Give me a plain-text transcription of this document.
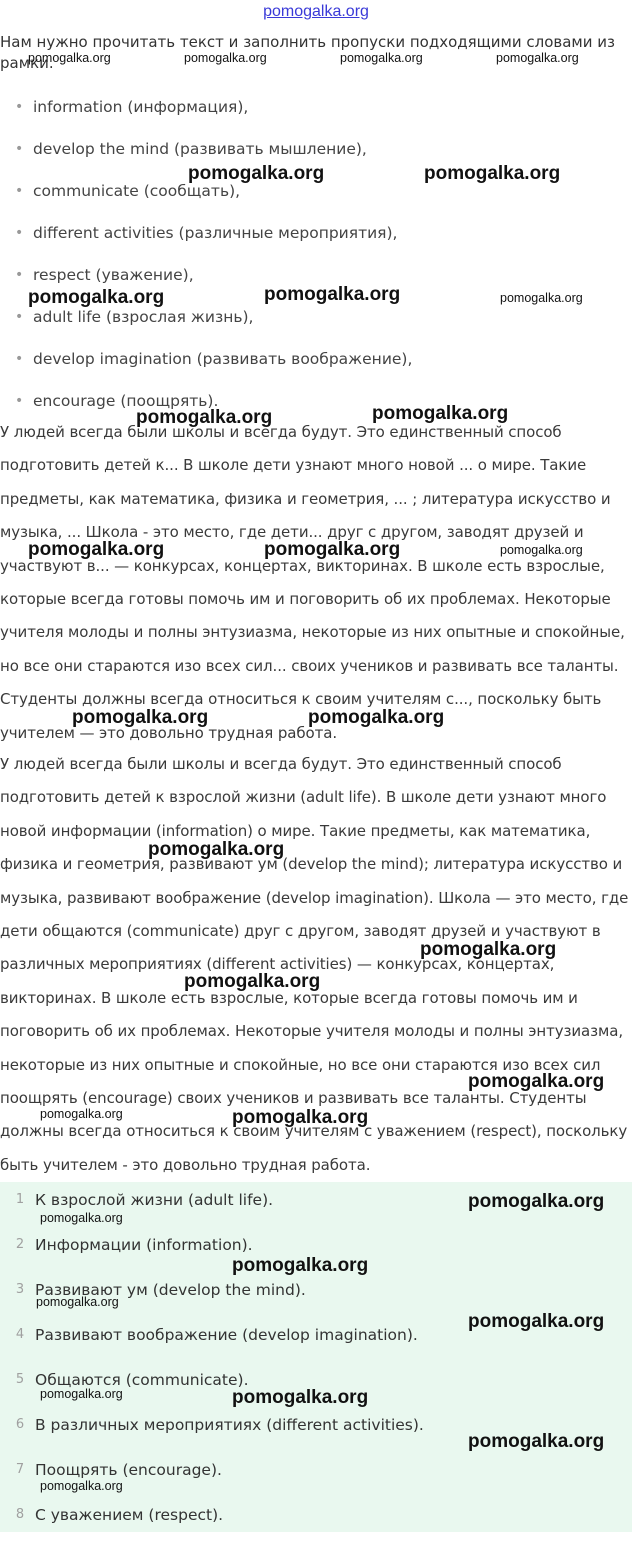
pomogalka.org
Нам нужно прочитать текст и заполнить пропуски подходящими словами из рамки.
• information (информация),
• develop the mind (развивать мышление),
• communicate (сообщать),
• different activities (различные мероприятия),
• respect (уважение),
• adult life (взрослая жизнь),
• develop imagination (развивать воображение),
• encourage (поощрять).

У людей всегда были школы и всегда будут. Это единственный способ подготовить детей к... В школе дети узнают много новой ... о мире. Такие предметы, как математика, физика и геометрия, ... ; литература искусство и музыка, ... Школа - это место, где дети... друг с другом, заводят друзей и участвуют в... — конкурсах, концертах, викторинах. В школе есть взрослые, которые всегда готовы помочь им и поговорить об их проблемах. Некоторые учителя молоды и полны энтузиазма, некоторые из них опытные и спокойные, но все они стараются изо всех сил... своих учеников и развивать все таланты. Студенты должны всегда относиться к своим учителям с..., поскольку быть учителем — это довольно трудная работа.

У людей всегда были школы и всегда будут. Это единственный способ подготовить детей к взрослой жизни (adult life). В школе дети узнают много новой информации (information) о мире. Такие предметы, как математика, физика и геометрия, развивают ум (develop the mind); литература искусство и музыка, развивают воображение (develop imagination). Школа — это место, где дети общаются (communicate) друг с другом, заводят друзей и участвуют в различных мероприятиях (different activities) — конкурсах, концертах, викторинах. В школе есть взрослые, которые всегда готовы помочь им и поговорить об их проблемах. Некоторые учителя молоды и полны энтузиазма, некоторые из них опытные и спокойные, но все они стараются изо всех сил поощрять (encourage) своих учеников и развивать все таланты. Студенты должны всегда относиться к своим учителям с уважением (respect), поскольку быть учителем - это довольно трудная работа.

1 К взрослой жизни (adult life).
2 Информации (information).
3 Развивают ум (develop the mind).
4 Развивают воображение (develop imagination).
5 Общаются (communicate).
6 В различных мероприятиях (different activities).
7 Поощрять (encourage).
8 С уважением (respect).
pomogalka.org	pomogalka.org	pomogalka.org	pomogalka.org
pomogalka.org	pomogalka.org
pomogalka.org	pomogalka.org	pomogalka.org
pomogalka.org	pomogalka.org
pomogalka.org	pomogalka.org	pomogalka.org
pomogalka.org	pomogalka.org
pomogalka.org
pomogalka.org
pomogalka.org
pomogalka.org
pomogalka.org	pomogalka.org
pomogalka.org
pomogalka.org
pomogalka.org
pomogalka.org
pomogalka.org
pomogalka.org	pomogalka.org
pomogalka.org
pomogalka.org
